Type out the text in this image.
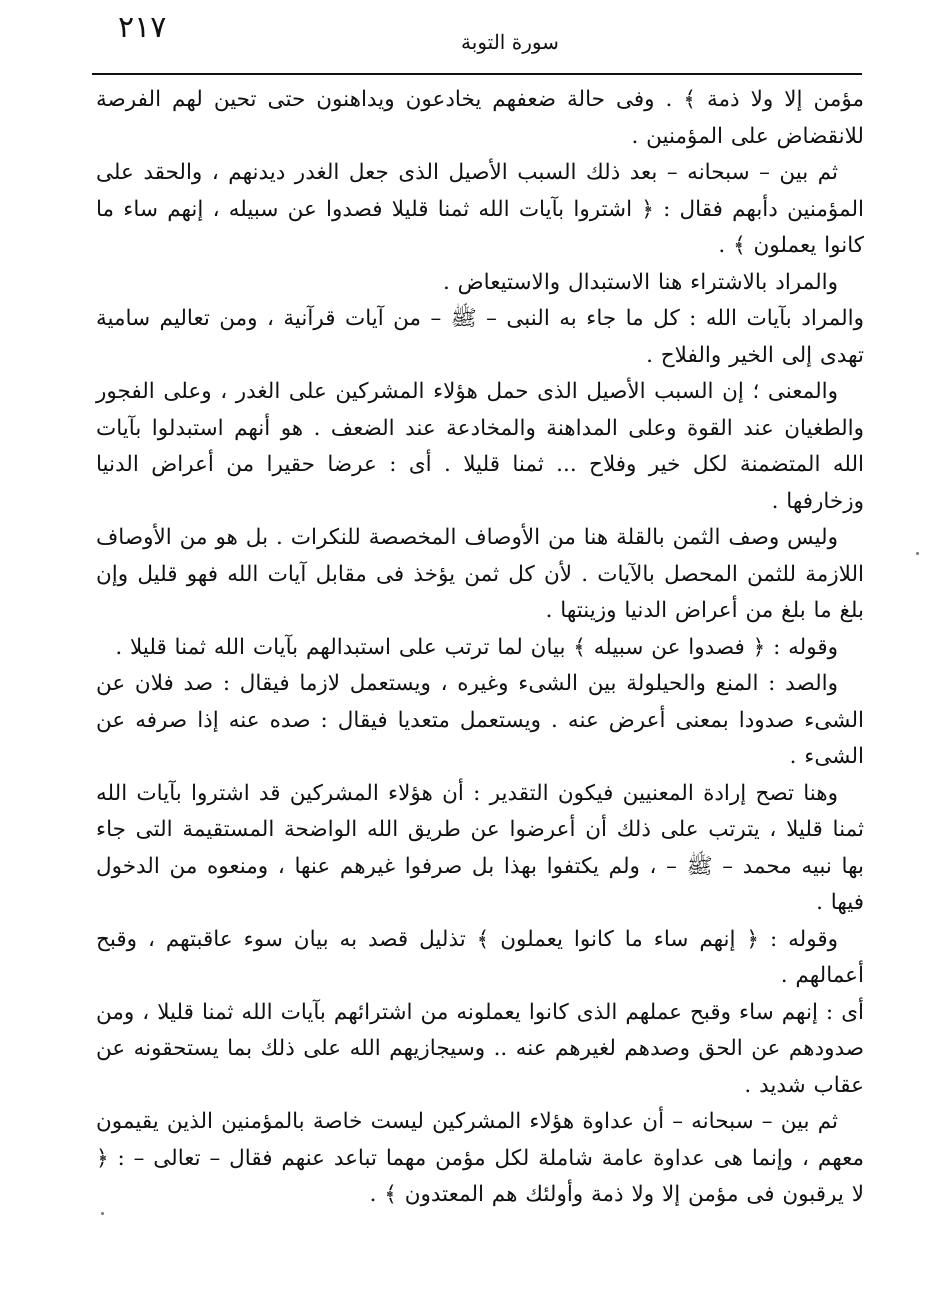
٢١٧	سورة التوبة

مؤمن إلا ولا ذمة ﴾ . وفى حالة ضعفهم يخادعون ويداهنون حتى تحين لهم الفرصة للانقضاض على المؤمنين .

ثم بين – سبحانه – بعد ذلك السبب الأصيل الذى جعل الغدر ديدنهم ، والحقد على المؤمنين دأبهم فقال : ﴿ اشتروا بآيات الله ثمنا قليلا فصدوا عن سبيله ، إنهم ساء ما كانوا يعملون ﴾ .

والمراد بالاشتراء هنا الاستبدال والاستيعاض .

والمراد بآيات الله : كل ما جاء به النبى – ﷺ – من آيات قرآنية ، ومن تعاليم سامية تهدى إلى الخير والفلاح .

والمعنى ؛ إن السبب الأصيل الذى حمل هؤلاء المشركين على الغدر ، وعلى الفجور والطغيان عند القوة وعلى المداهنة والمخادعة عند الضعف . هو أنهم استبدلوا بآيات الله المتضمنة لكل خير وفلاح ... ثمنا قليلا . أى : عرضا حقيرا من أعراض الدنيا وزخارفها .

وليس وصف الثمن بالقلة هنا من الأوصاف المخصصة للنكرات . بل هو من الأوصاف اللازمة للثمن المحصل بالآيات . لأن كل ثمن يؤخذ فى مقابل آيات الله فهو قليل وإن بلغ ما بلغ من أعراض الدنيا وزينتها .

وقوله : ﴿ فصدوا عن سبيله ﴾ بيان لما ترتب على استبدالهم بآيات الله ثمنا قليلا .

والصد : المنع والحيلولة بين الشىء وغيره ، ويستعمل لازما فيقال : صد فلان عن الشىء صدودا بمعنى أعرض عنه . ويستعمل متعديا فيقال : صده عنه إذا صرفه عن الشىء .

وهنا تصح إرادة المعنيين فيكون التقدير : أن هؤلاء المشركين قد اشتروا بآيات الله ثمنا قليلا ، يترتب على ذلك أن أعرضوا عن طريق الله الواضحة المستقيمة التى جاء بها نبيه محمد – ﷺ – ، ولم يكتفوا بهذا بل صرفوا غيرهم عنها ، ومنعوه من الدخول فيها .

وقوله : ﴿ إنهم ساء ما كانوا يعملون ﴾ تذليل قصد به بيان سوء عاقبتهم ، وقبح أعمالهم .

أى : إنهم ساء وقبح عملهم الذى كانوا يعملونه من اشترائهم بآيات الله ثمنا قليلا ، ومن صدودهم عن الحق وصدهم لغيرهم عنه .. وسيجازيهم الله على ذلك بما يستحقونه عن عقاب شديد .

ثم بين – سبحانه – أن عداوة هؤلاء المشركين ليست خاصة بالمؤمنين الذين يقيمون معهم ، وإنما هى عداوة عامة شاملة لكل مؤمن مهما تباعد عنهم فقال – تعالى – : ﴿ لا يرقبون فى مؤمن إلا ولا ذمة وأولئك هم المعتدون ﴾ .
